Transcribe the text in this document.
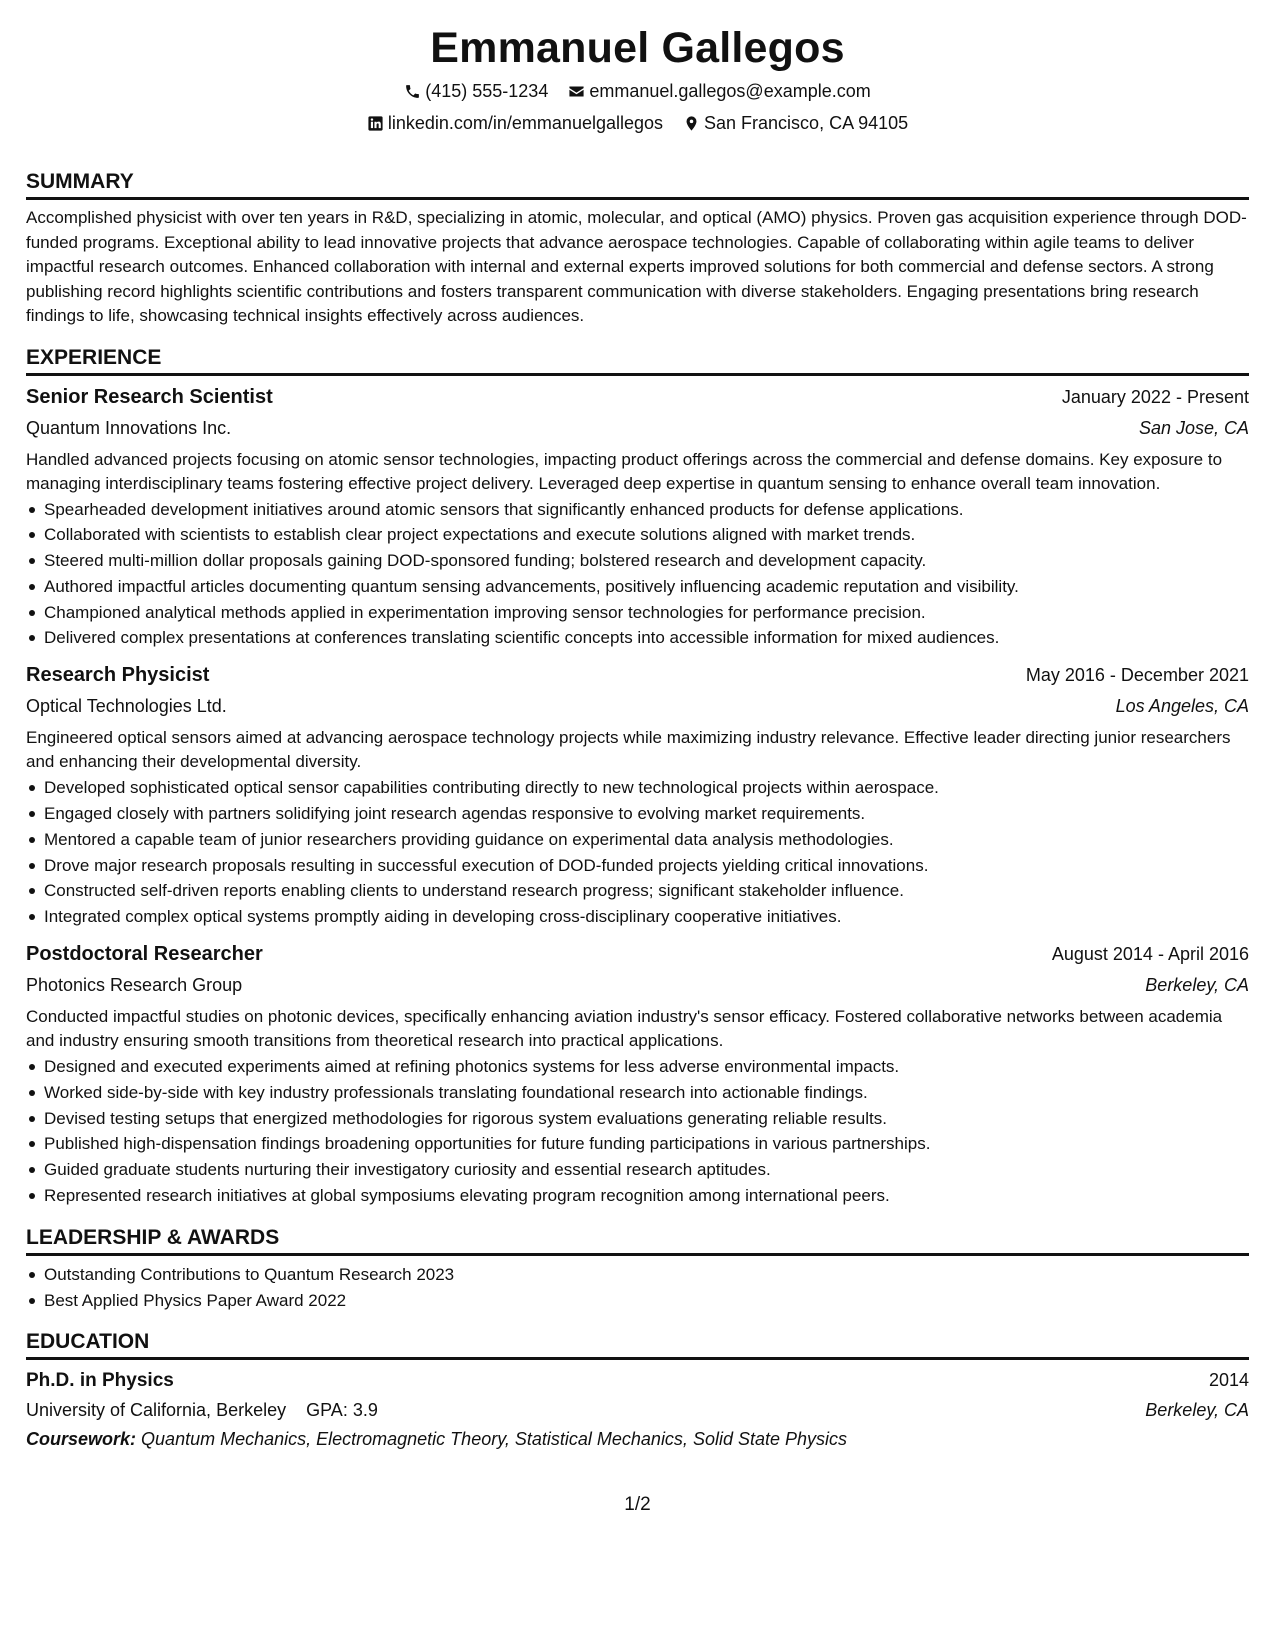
Emmanuel Gallegos
(415) 555-1234 emmanuel.gallegos@example.com
linkedin.com/in/emmanuelgallegos San Francisco, CA 94105
SUMMARY

Accomplished physicist with over ten years in R&D, specializing in atomic, molecular, and optical (AMO) physics. Proven gas acquisition experience through DOD-funded programs. Exceptional ability to lead innovative projects that advance aerospace technologies. Capable of collaborating within agile teams to deliver impactful research outcomes. Enhanced collaboration with internal and external experts improved solutions for both commercial and defense sectors. A strong publishing record highlights scientific contributions and fosters transparent communication with diverse stakeholders. Engaging presentations bring research findings to life, showcasing technical insights effectively across audiences.

EXPERIENCE
Senior Research Scientist	January 2022 - Present
Quantum Innovations Inc.	San Jose, CA

Handled advanced projects focusing on atomic sensor technologies, impacting product offerings across the commercial and defense domains. Key exposure to managing interdisciplinary teams fostering effective project delivery. Leveraged deep expertise in quantum sensing to enhance overall team innovation.

Spearheaded development initiatives around atomic sensors that significantly enhanced products for defense applications.
Collaborated with scientists to establish clear project expectations and execute solutions aligned with market trends.
Steered multi-million dollar proposals gaining DOD-sponsored funding; bolstered research and development capacity.
Authored impactful articles documenting quantum sensing advancements, positively influencing academic reputation and visibility.
Championed analytical methods applied in experimentation improving sensor technologies for performance precision.
Delivered complex presentations at conferences translating scientific concepts into accessible information for mixed audiences.
Research Physicist	May 2016 - December 2021
Optical Technologies Ltd.	Los Angeles, CA

Engineered optical sensors aimed at advancing aerospace technology projects while maximizing industry relevance. Effective leader directing junior researchers and enhancing their developmental diversity.

Developed sophisticated optical sensor capabilities contributing directly to new technological projects within aerospace.
Engaged closely with partners solidifying joint research agendas responsive to evolving market requirements.
Mentored a capable team of junior researchers providing guidance on experimental data analysis methodologies.
Drove major research proposals resulting in successful execution of DOD-funded projects yielding critical innovations.
Constructed self-driven reports enabling clients to understand research progress; significant stakeholder influence.
Integrated complex optical systems promptly aiding in developing cross-disciplinary cooperative initiatives.
Postdoctoral Researcher	August 2014 - April 2016
Photonics Research Group	Berkeley, CA

Conducted impactful studies on photonic devices, specifically enhancing aviation industry's sensor efficacy. Fostered collaborative networks between academia and industry ensuring smooth transitions from theoretical research into practical applications.

Designed and executed experiments aimed at refining photonics systems for less adverse environmental impacts.
Worked side-by-side with key industry professionals translating foundational research into actionable findings.
Devised testing setups that energized methodologies for rigorous system evaluations generating reliable results.
Published high-dispensation findings broadening opportunities for future funding participations in various partnerships.
Guided graduate students nurturing their investigatory curiosity and essential research aptitudes.
Represented research initiatives at global symposiums elevating program recognition among international peers.
LEADERSHIP & AWARDS
Outstanding Contributions to Quantum Research 2023
Best Applied Physics Paper Award 2022
EDUCATION
Ph.D. in Physics	2014
University of California, Berkeley GPA: 3.9	Berkeley, CA
Coursework: Quantum Mechanics, Electromagnetic Theory, Statistical Mechanics, Solid State Physics
1/2
